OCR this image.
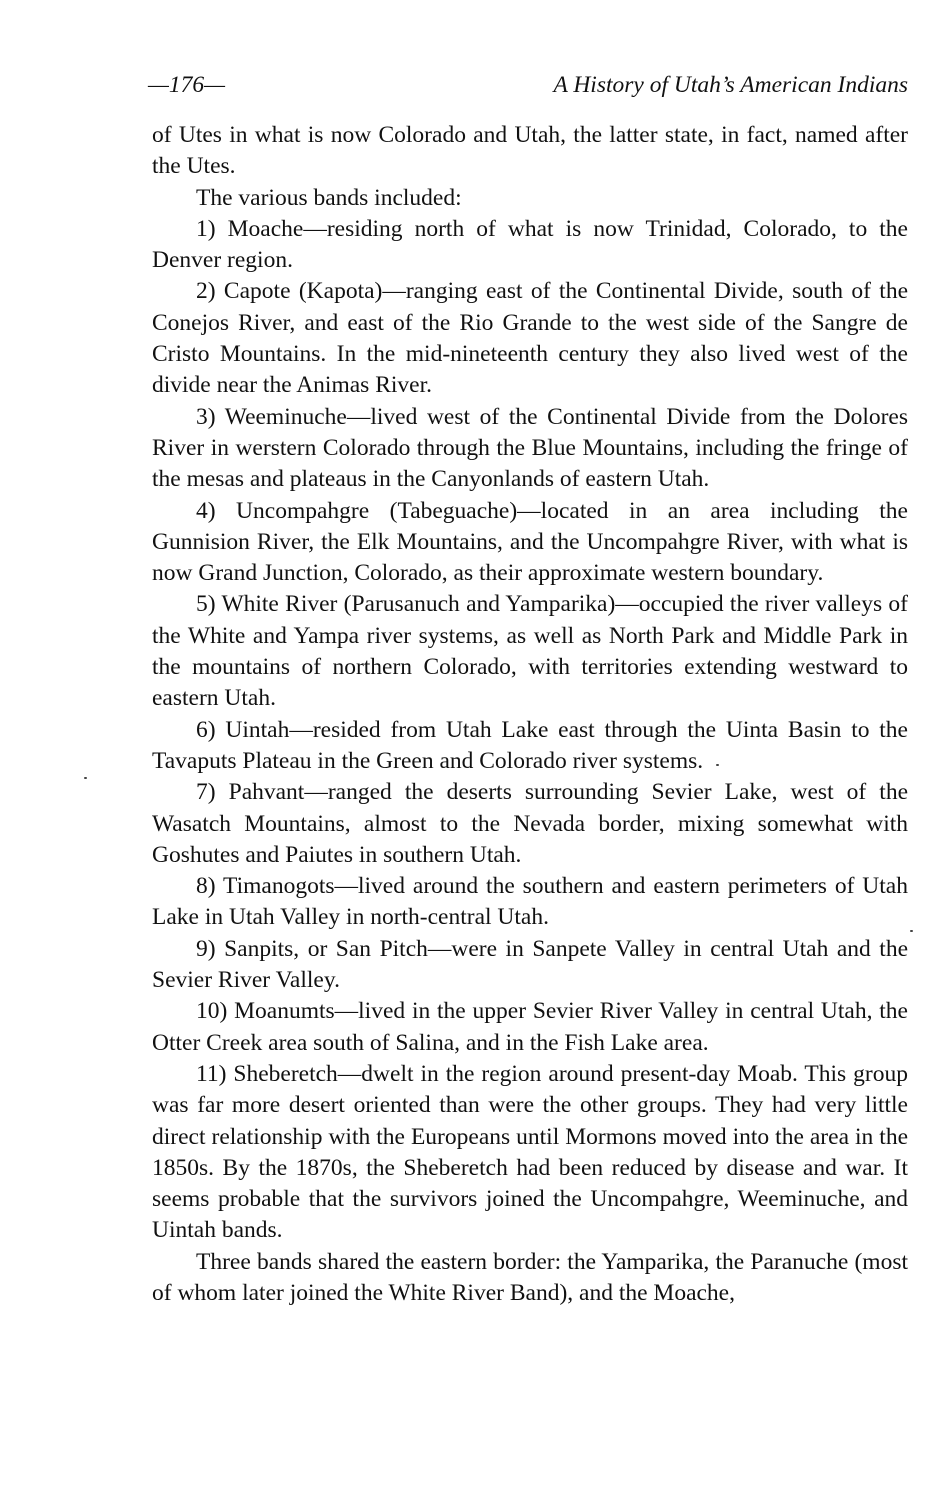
—176—	A History of Utah’s American Indians

of Utes in what is now Colorado and Utah, the latter state, in fact, named after the Utes.

The various bands included:

1) Moache—residing north of what is now Trinidad, Colorado, to the Denver region.

2) Capote (Kapota)—ranging east of the Continental Divide, south of the Conejos River, and east of the Rio Grande to the west side of the Sangre de Cristo Mountains. In the mid-nineteenth century they also lived west of the divide near the Animas River.

3) Weeminuche—lived west of the Continental Divide from the Dolores River in werstern Colorado through the Blue Mountains, including the fringe of the mesas and plateaus in the Canyonlands of eastern Utah.

4) Uncompahgre (Tabeguache)—located in an area including the Gunnision River, the Elk Mountains, and the Uncompahgre River, with what is now Grand Junction, Colorado, as their approximate western boundary.

5) White River (Parusanuch and Yamparika)—occupied the river valleys of the White and Yampa river systems, as well as North Park and Middle Park in the mountains of northern Colorado, with territories extending westward to eastern Utah.

6) Uintah—resided from Utah Lake east through the Uinta Basin to the Tavaputs Plateau in the Green and Colorado river systems.

7) Pahvant—ranged the deserts surrounding Sevier Lake, west of the Wasatch Mountains, almost to the Nevada border, mixing somewhat with Goshutes and Paiutes in southern Utah.

8) Timanogots—lived around the southern and eastern perimeters of Utah Lake in Utah Valley in north-central Utah.

9) Sanpits, or San Pitch—were in Sanpete Valley in central Utah and the Sevier River Valley.

10) Moanumts—lived in the upper Sevier River Valley in central Utah, the Otter Creek area south of Salina, and in the Fish Lake area.

11) Sheberetch—dwelt in the region around present-day Moab. This group was far more desert oriented than were the other groups. They had very little direct relationship with the Europeans until Mormons moved into the area in the 1850s. By the 1870s, the Sheberetch had been reduced by disease and war. It seems probable that the survivors joined the Uncompahgre, Weeminuche, and Uintah bands.

Three bands shared the eastern border: the Yamparika, the Paranuche (most of whom later joined the White River Band), and the Moache,
